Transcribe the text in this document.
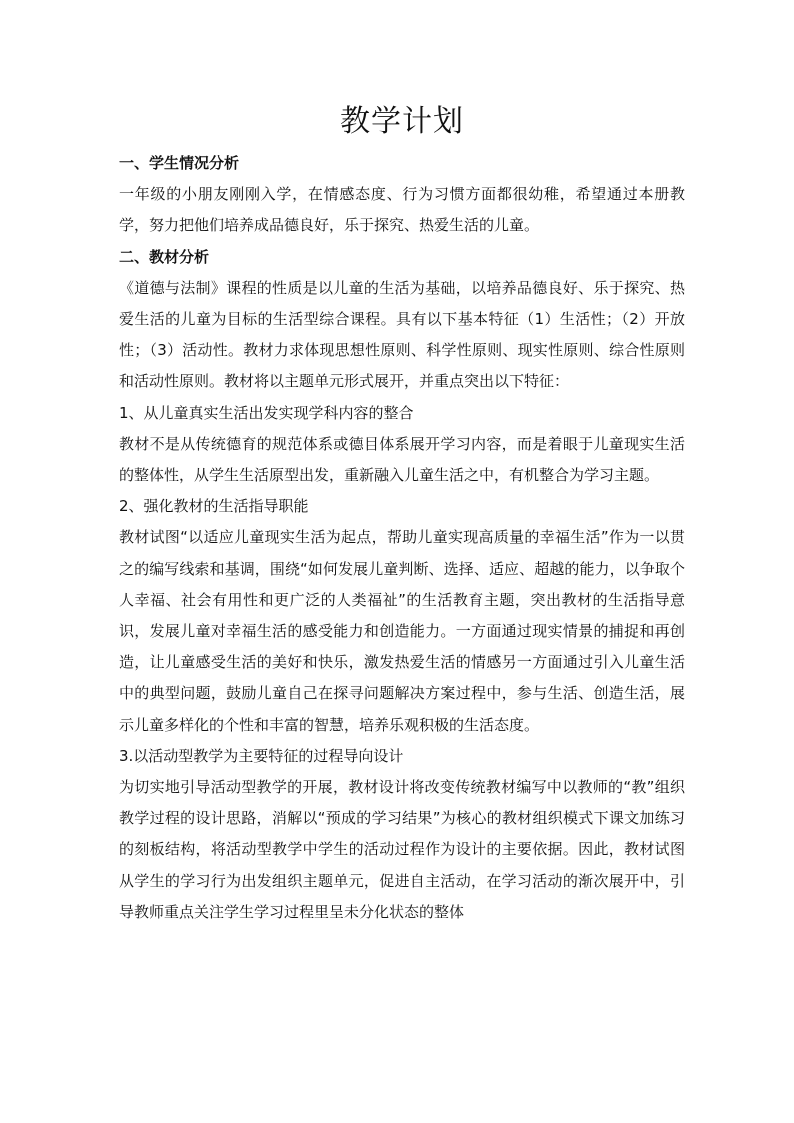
教学计划
一、学生情况分析

一年级的小朋友刚刚入学，在情感态度、行为习惯方面都很幼稚，希望通过本册教学，努力把他们培养成品德良好，乐于探究、热爱生活的儿童。

二、教材分析

《道德与法制》课程的性质是以儿童的生活为基础，以培养品德良好、乐于探究、热爱生活的儿童为目标的生活型综合课程。具有以下基本特征（1）生活性；（2）开放性；（3）活动性。教材力求体现思想性原则、科学性原则、现实性原则、综合性原则和活动性原则。教材将以主题单元形式展开，并重点突出以下特征：

1、从儿童真实生活出发实现学科内容的整合

教材不是从传统德育的规范体系或德目体系展开学习内容，而是着眼于儿童现实生活的整体性，从学生生活原型出发，重新融入儿童生活之中，有机整合为学习主题。

2、强化教材的生活指导职能

教材试图“以适应儿童现实生活为起点，帮助儿童实现高质量的幸福生活”作为一以贯之的编写线索和基调，围绕“如何发展儿童判断、选择、适应、超越的能力，以争取个人幸福、社会有用性和更广泛的人类福祉”的生活教育主题，突出教材的生活指导意识，发展儿童对幸福生活的感受能力和创造能力。一方面通过现实情景的捕捉和再创造，让儿童感受生活的美好和快乐，激发热爱生活的情感另一方面通过引入儿童生活中的典型问题，鼓励儿童自己在探寻问题解决方案过程中，参与生活、创造生活，展示儿童多样化的个性和丰富的智慧，培养乐观积极的生活态度。

3.以活动型教学为主要特征的过程导向设计

为切实地引导活动型教学的开展，教材设计将改变传统教材编写中以教师的“教”组织教学过程的设计思路，消解以“预成的学习结果”为核心的教材组织模式下课文加练习的刻板结构，将活动型教学中学生的活动过程作为设计的主要依据。因此，教材试图从学生的学习行为出发组织主题单元，促进自主活动，在学习活动的渐次展开中，引导教师重点关注学生学习过程里呈未分化状态的整体
